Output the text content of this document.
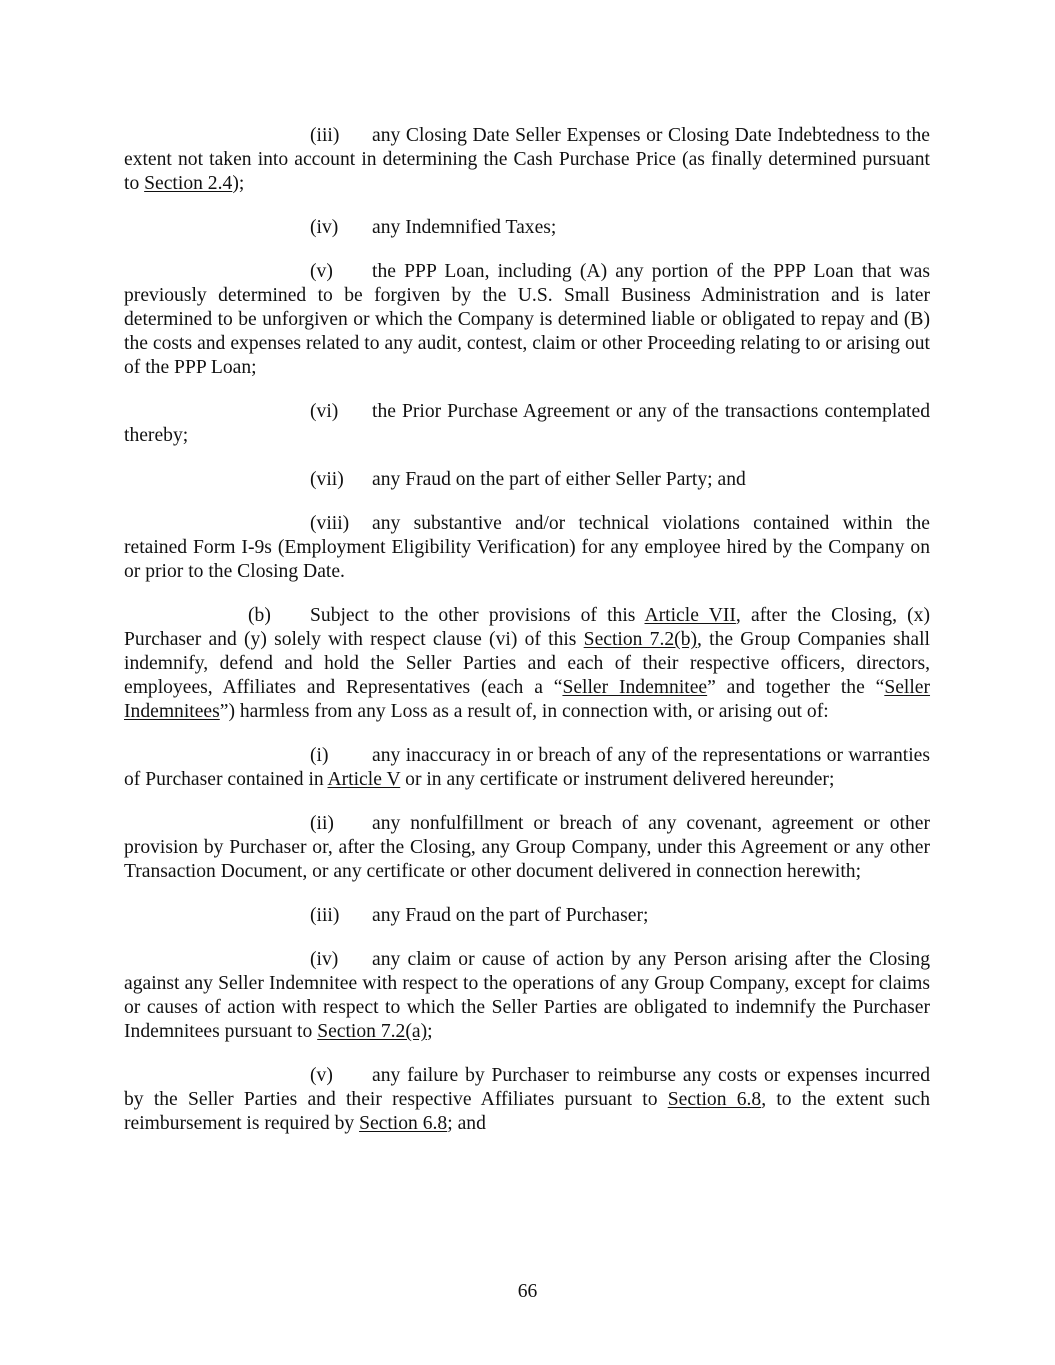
(iii) any Closing Date Seller Expenses or Closing Date Indebtedness to the extent not taken into account in determining the Cash Purchase Price (as finally determined pursuant to Section 2.4);

(iv) any Indemnified Taxes;

(v) the PPP Loan, including (A) any portion of the PPP Loan that was previously determined to be forgiven by the U.S. Small Business Administration and is later determined to be unforgiven or which the Company is determined liable or obligated to repay and (B) the costs and expenses related to any audit, contest, claim or other Proceeding relating to or arising out of the PPP Loan;

(vi) the Prior Purchase Agreement or any of the transactions contemplated thereby;

(vii) any Fraud on the part of either Seller Party; and

(viii) any substantive and/or technical violations contained within the retained Form I-9s (Employment Eligibility Verification) for any employee hired by the Company on or prior to the Closing Date.

(b) Subject to the other provisions of this Article VII, after the Closing, (x) Purchaser and (y) solely with respect clause (vi) of this Section 7.2(b), the Group Companies shall indemnify, defend and hold the Seller Parties and each of their respective officers, directors, employees, Affiliates and Representatives (each a “Seller Indemnitee” and together the “Seller Indemnitees”) harmless from any Loss as a result of, in connection with, or arising out of:

(i) any inaccuracy in or breach of any of the representations or warranties of Purchaser contained in Article V or in any certificate or instrument delivered hereunder;

(ii) any nonfulfillment or breach of any covenant, agreement or other provision by Purchaser or, after the Closing, any Group Company, under this Agreement or any other Transaction Document, or any certificate or other document delivered in connection herewith;

(iii) any Fraud on the part of Purchaser;

(iv) any claim or cause of action by any Person arising after the Closing against any Seller Indemnitee with respect to the operations of any Group Company, except for claims or causes of action with respect to which the Seller Parties are obligated to indemnify the Purchaser Indemnitees pursuant to Section 7.2(a);

(v) any failure by Purchaser to reimburse any costs or expenses incurred by the Seller Parties and their respective Affiliates pursuant to Section 6.8, to the extent such reimbursement is required by Section 6.8; and

66
